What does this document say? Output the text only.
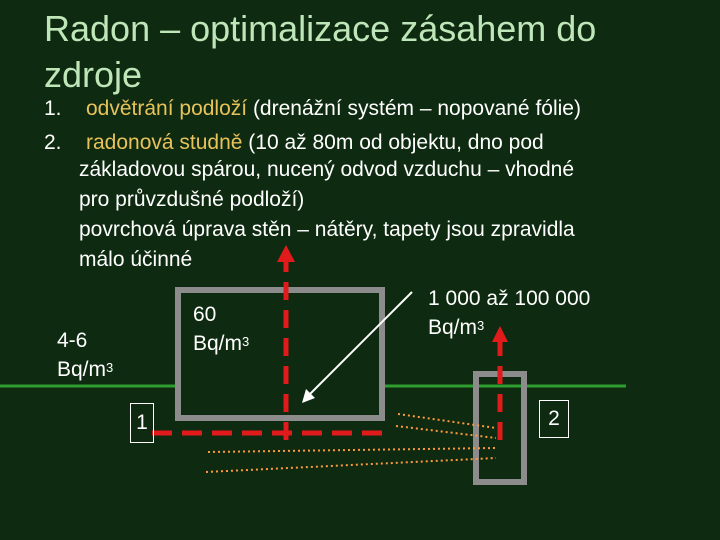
Radon – optimalizace zásahem do zdroje
1. odvětrání podloží (drenážní systém – nopované fólie)
2. radonová studně (10 až 80m od objektu, dno pod
základovou spárou, nucený odvod vzduchu – vhodné
pro průvzdušné podloží)
povrchová úprava stěn – nátěry, tapety jsou zpravidla
málo účinné
4-6
$Bq/m^3$
60
$Bq/m^3$
1 000 až 100 000
$Bq/m^3$
1	2
